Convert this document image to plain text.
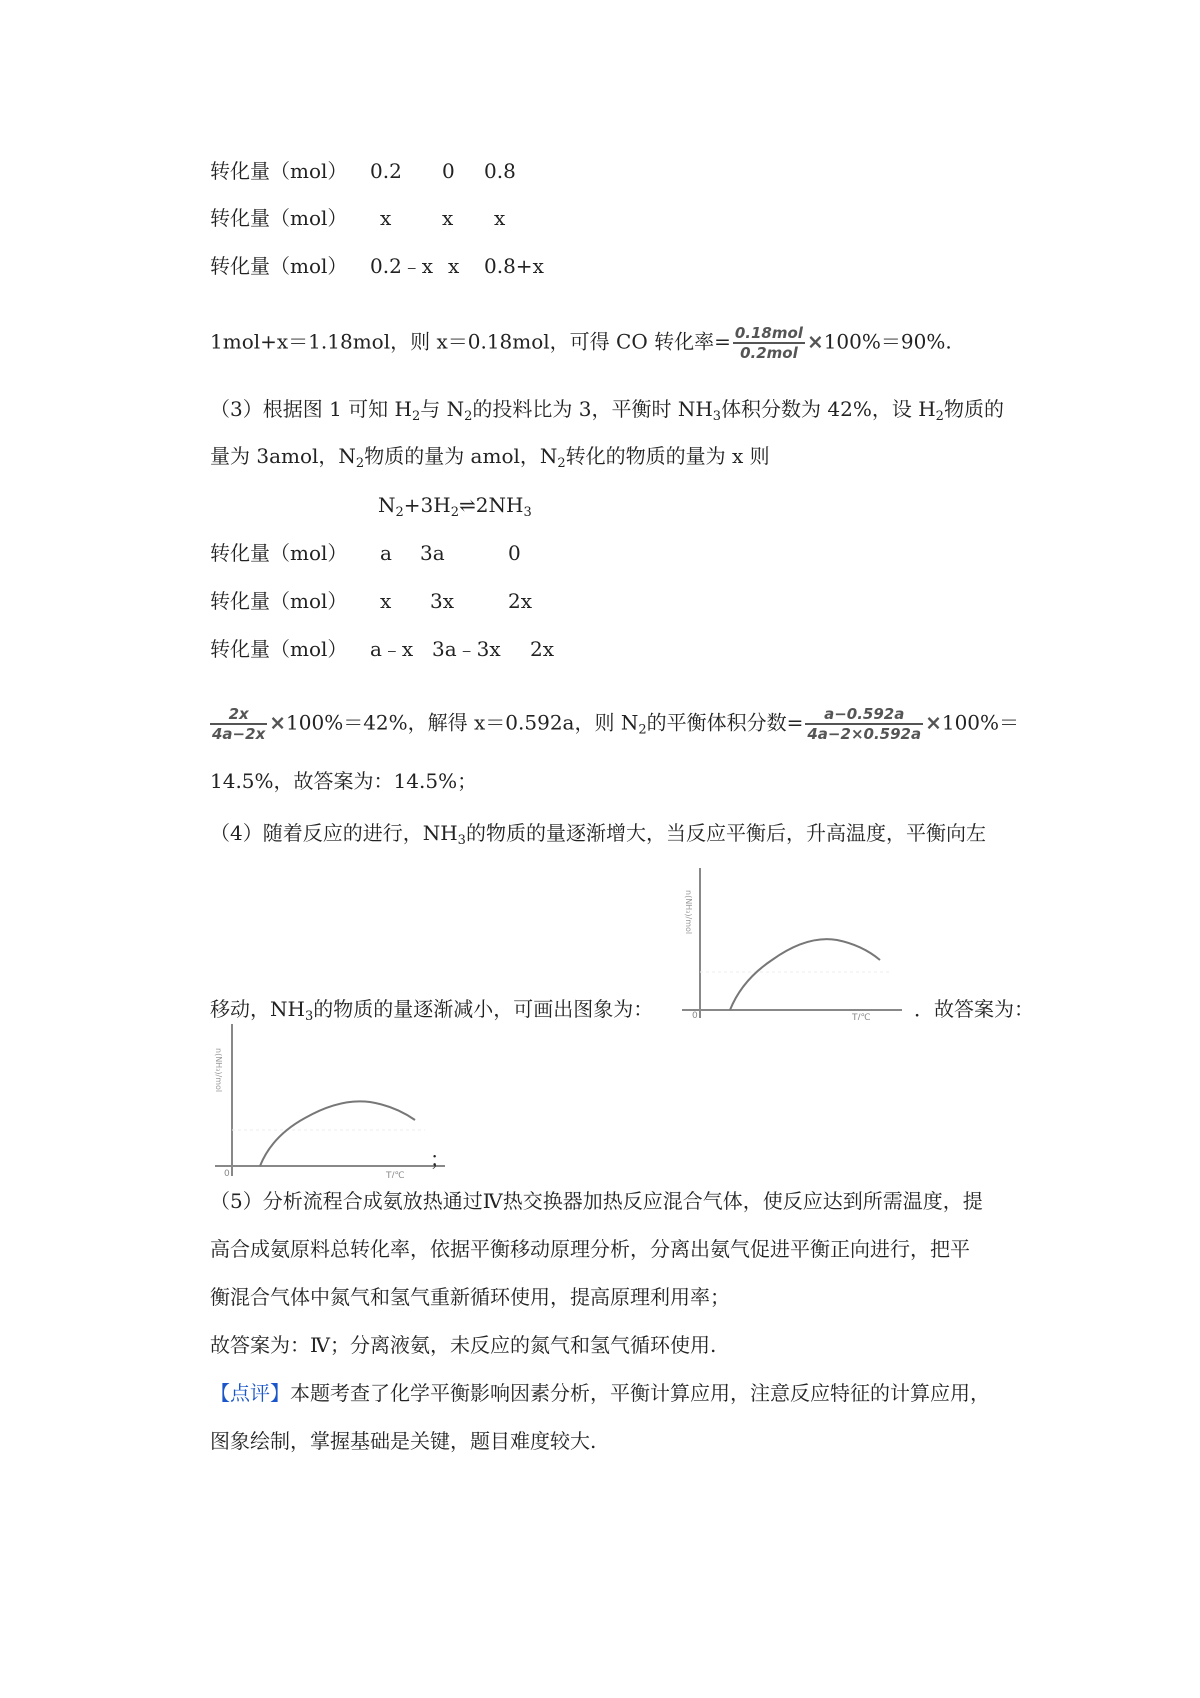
转化量（mol） 0.2 0 0.8
转化量（mol） x	x x
转化量（mol） 0.2﹣x x 0.8+x
1mol+x＝1.18mol，则 x＝0.18mol，可得 CO 转化率= $\frac{\text{0.18mol}}{\text{0.2mol}} \times 100\%=90\%$.
（3）根据图 1 可知 $H_2$与 $N_2$的投料比为 3，平衡时 $NH_3$体积分数为 42%，设 $H_2$物质的
量为 3amol，$N_2$物质的量为 amol，$N_2$转化的物质的量为 x 则
$N_2+3H_2\rightleftharpoons 2NH_3$
转化量（mol） a 3a	0
转化量（mol） x 3x	2x
转化量（mol） a﹣x 3a﹣3x 2x
$\frac{2x}{4a-2x} \times 100\%=42\%$，解得 x＝0.592a，则 $N_2$的平衡体积分数= $\frac{a-0.592a}{4a-2\times 0.592a} \times 100\%=$
14.5%，故答案为：14.5%；
（4）随着反应的进行，$NH_3$的物质的量逐渐增大，当反应平衡后，升高温度，平衡向左
n(NH₃)/mol
0	T/℃
移动，$NH_3$的物质的量逐渐减小，可画出图象为：	．故答案为：
n(NH₃)/mol
0	T/℃
；
（5）分析流程合成氨放热通过Ⅳ热交换器加热反应混合气体，使反应达到所需温度，提
高合成氨原料总转化率，依据平衡移动原理分析，分离出氨气促进平衡正向进行，把平
衡混合气体中氮气和氢气重新循环使用，提高原理利用率；
故答案为：Ⅳ；分离液氨，未反应的氮气和氢气循环使用.
【点评】本题考查了化学平衡影响因素分析，平衡计算应用，注意反应特征的计算应用，
图象绘制，掌握基础是关键，题目难度较大.
